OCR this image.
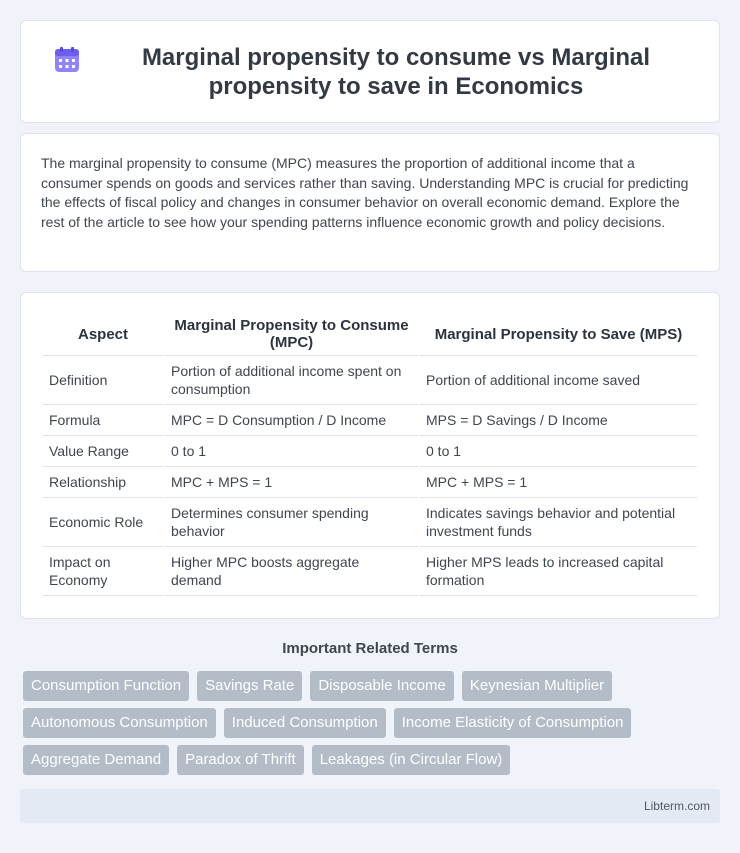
Marginal propensity to consume vs Marginal propensity to save in Economics

The marginal propensity to consume (MPC) measures the proportion of additional income that a consumer spends on goods and services rather than saving. Understanding MPC is crucial for predicting the effects of fiscal policy and changes in consumer behavior on overall economic demand. Explore the rest of the article to see how your spending patterns influence economic growth and policy decisions.

Aspect	Marginal Propensity to Consume (MPC)	Marginal Propensity to Save (MPS)
Definition	Portion of additional income spent on consumption	Portion of additional income saved
Formula	MPC = D Consumption / D Income	MPS = D Savings / D Income
Value Range	0 to 1	0 to 1
Relationship	MPC + MPS = 1	MPC + MPS = 1
Economic Role	Determines consumer spending behavior	Indicates savings behavior and potential investment funds
Impact on Economy	Higher MPC boosts aggregate demand	Higher MPS leads to increased capital formation
Important Related Terms
Consumption Function	Savings Rate	Disposable Income	Keynesian Multiplier
Autonomous Consumption	Induced Consumption	Income Elasticity of Consumption
Aggregate Demand	Paradox of Thrift	Leakages (in Circular Flow)
Libterm.com
